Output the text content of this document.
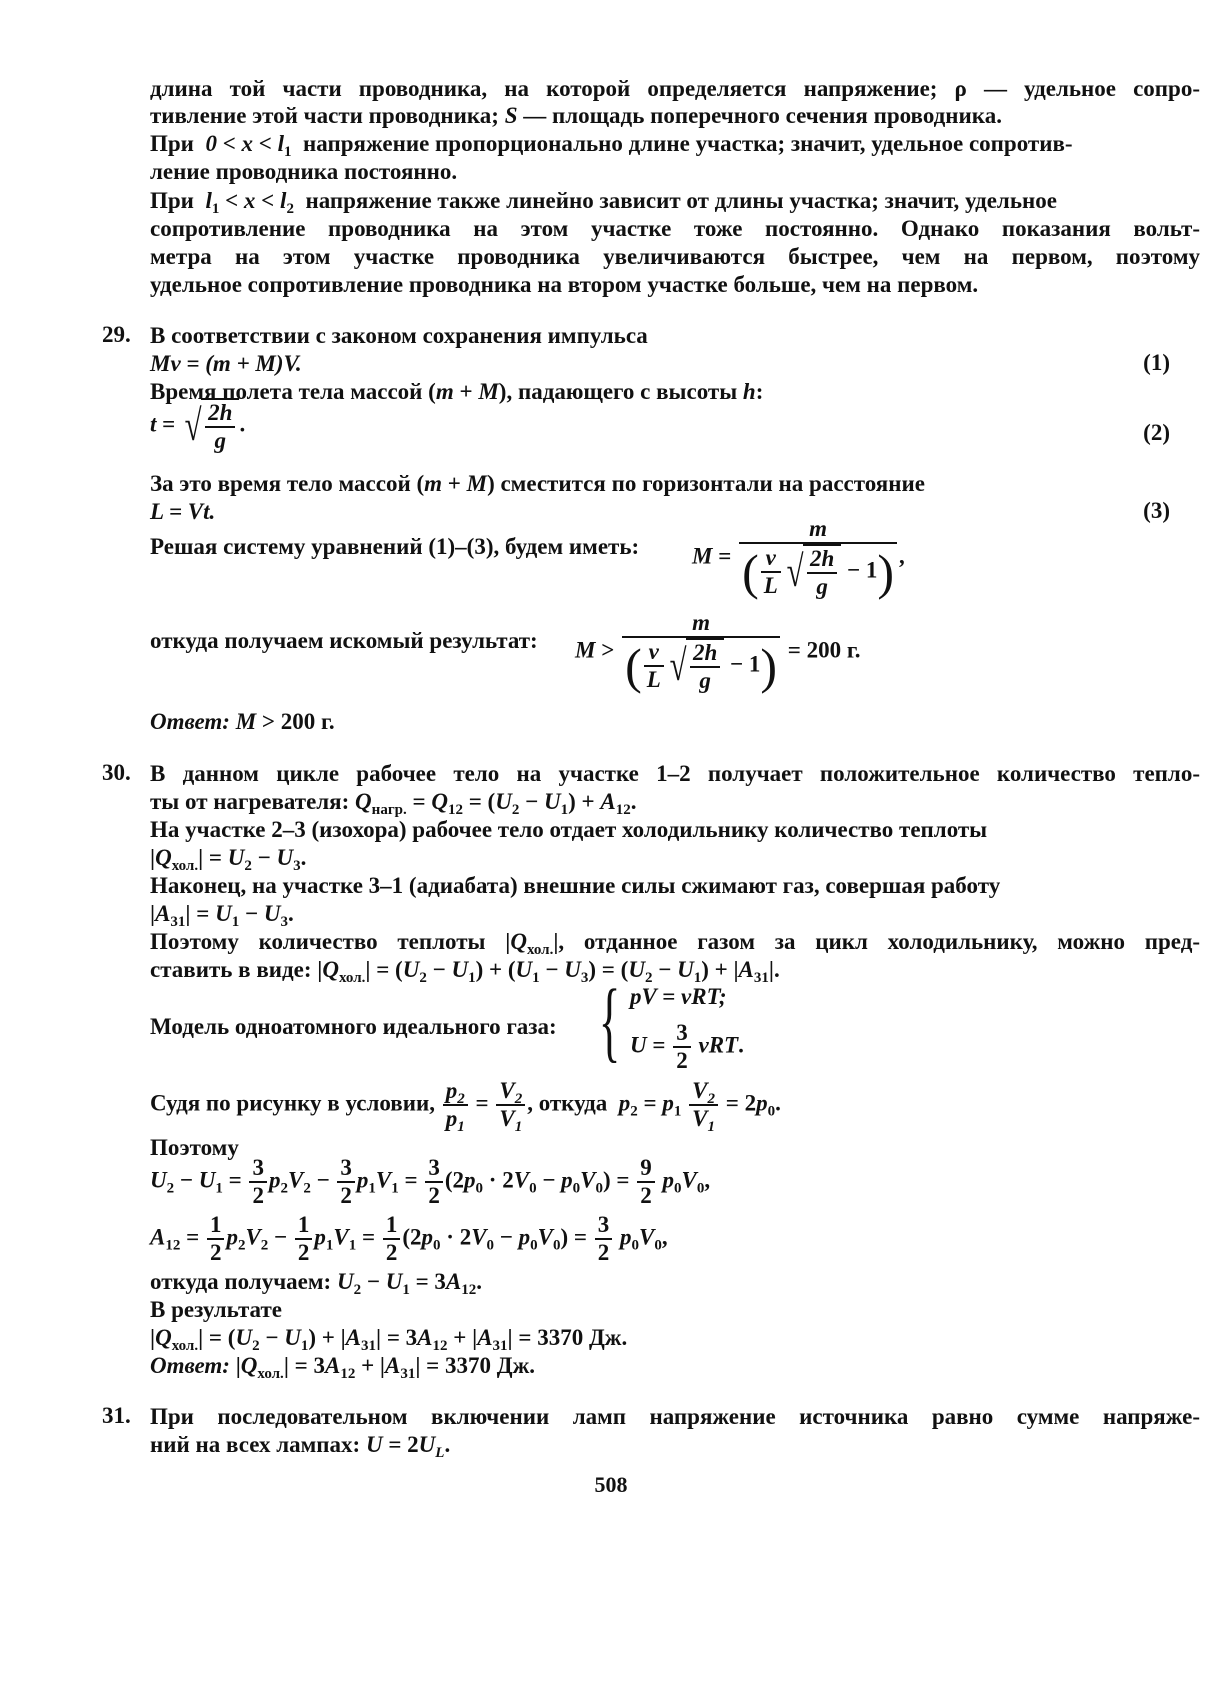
длина той части проводника, на которой определяется напряжение; ρ — удельное сопро-
тивление этой части проводника; S — площадь поперечного сечения проводника.
При $0 < x < l_1$ напряжение пропорционально длине участка; значит, удельное сопротив-
ление проводника постоянно.
При $l_1 < x < l_2$ напряжение также линейно зависит от длины участка; значит, удельное
сопротивление проводника на этом участке тоже постоянно. Однако показания вольт-
метра на этом участке проводника увеличиваются быстрее, чем на первом, поэтому
удельное сопротивление проводника на втором участке больше, чем на первом.
29. В соответствии с законом сохранения импульса
Mv = (m + M)V.	(1)
Время полета тела массой (m + M), падающего с высоты h:
t = √ $\frac{2h}{g}$ .	(2)
За это время тело массой (m + M) сместится по горизонтали на расстояние
L = Vt.	(3)
Решая систему уравнений (1)–(3), будем иметь: $M = \frac{m}{( \frac{v}{L} √ \frac{2h}{g} - 1)}$ ,
откуда получаем искомый результат: $M > \frac{m}{( \frac{v}{L} √ \frac{2h}{g} - 1)} = 200$ г.
Ответ: M > 200 г.
30. В данном цикле рабочее тело на участке 1–2 получает положительное количество тепло-
ты от нагревателя: $Q_{нагр.} = Q_{12} = (U_2 - U_1) + A_{12}$.
На участке 2–3 (изохора) рабочее тело отдает холодильнику количество теплоты
$|Q_{хол.}| = U_2 - U_3$.
Наконец, на участке 3–1 (адиабата) внешние силы сжимают газ, совершая работу
$|A_{31}| = U_1 - U_3$.
Поэтому количество теплоты $|Q_{хол.}|$, отданное газом за цикл холодильнику, можно пред-
ставить в виде: $|Q_{хол.}| = (U_2 - U_1) + (U_1 - U_3) = (U_2 - U_1) + |A_{31}|$.
Модель одноатомного идеального газа: { pV = νRT;
$U = \frac{3}{2} \nu RT$.
Судя по рисунку в условии, $\frac{p_2}{p_1} = \frac{V_2}{V_1}$ , откуда $p_2 = p_1 \frac{V_2}{V_1} = 2p_0$.
Поэтому
$U_2 - U_1 = \frac{3}{2} p_2V_2 - \frac{3}{2} p_1V_1 = \frac{3}{2} (2p_0 \cdot 2V_0 - p_0V_0) = \frac{9}{2} p_0V_0$,
$A_{12} = \frac{1}{2} p_2V_2 - \frac{1}{2} p_1V_1 = \frac{1}{2} (2p_0 \cdot 2V_0 - p_0V_0) = \frac{3}{2} p_0V_0$,
откуда получаем: $U_2 - U_1 = 3A_{12}$.
В результате
$|Q_{хол.}| = (U_2 - U_1) + |A_{31}| = 3A_{12} + |A_{31}| = 3370$ Дж.
Ответ: $|Q_{хол.}| = 3A_{12} + |A_{31}| = 3370$ Дж.
31. При последовательном включении ламп напряжение источника равно сумме напряже-
ний на всех лампах: $U = 2U_L$.
508
